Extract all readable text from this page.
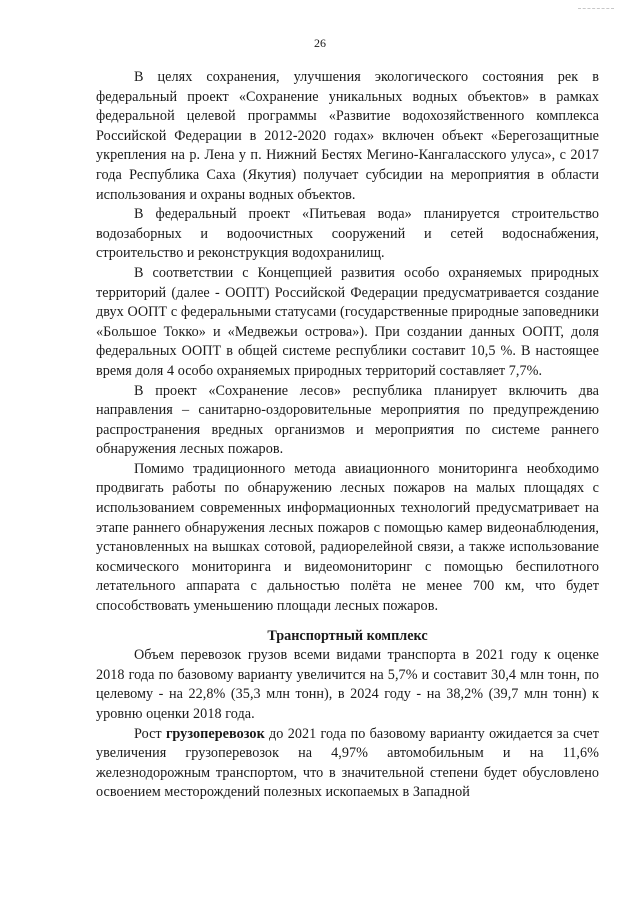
26

В целях сохранения, улучшения экологического состояния рек в федеральный проект «Сохранение уникальных водных объектов» в рамках федеральной целевой программы «Развитие водохозяйственного комплекса Российской Федерации в 2012-2020 годах» включен объект «Берегозащитные укрепления на р. Лена у п. Нижний Бестях Мегино-Кангаласского улуса», с 2017 года Республика Саха (Якутия) получает субсидии на мероприятия в области использования и охраны водных объектов.

В федеральный проект «Питьевая вода» планируется строительство водозаборных и водоочистных сооружений и сетей водоснабжения, строительство и реконструкция водохранилищ.

В соответствии с Концепцией развития особо охраняемых природных территорий (далее - ООПТ) Российской Федерации предусматривается создание двух ООПТ с федеральными статусами (государственные природные заповедники «Большое Токко» и «Медвежьи острова»). При создании данных ООПТ, доля федеральных ООПТ в общей системе республики составит 10,5 %. В настоящее время доля 4 особо охраняемых природных территорий составляет 7,7%.

В проект «Сохранение лесов» республика планирует включить два направления – санитарно-оздоровительные мероприятия по предупреждению распространения вредных организмов и мероприятия по системе раннего обнаружения лесных пожаров.

Помимо традиционного метода авиационного мониторинга необходимо продвигать работы по обнаружению лесных пожаров на малых площадях с использованием современных информационных технологий предусматривает на этапе раннего обнаружения лесных пожаров с помощью камер видеонаблюдения, установленных на вышках сотовой, радиорелейной связи, а также использование космического мониторинга и видеомониторинг с помощью беспилотного летательного аппарата с дальностью полёта не менее 700 км, что будет способствовать уменьшению площади лесных пожаров.

Транспортный комплекс

Объем перевозок грузов всеми видами транспорта в 2021 году к оценке 2018 года по базовому варианту увеличится на 5,7% и составит 30,4 млн тонн, по целевому - на 22,8% (35,3 млн тонн), в 2024 году - на 38,2% (39,7 млн тонн) к уровню оценки 2018 года.

Рост грузоперевозок до 2021 года по базовому варианту ожидается за счет увеличения грузоперевозок на 4,97% автомобильным и на 11,6% железнодорожным транспортом, что в значительной степени будет обусловлено освоением месторождений полезных ископаемых в Западной
